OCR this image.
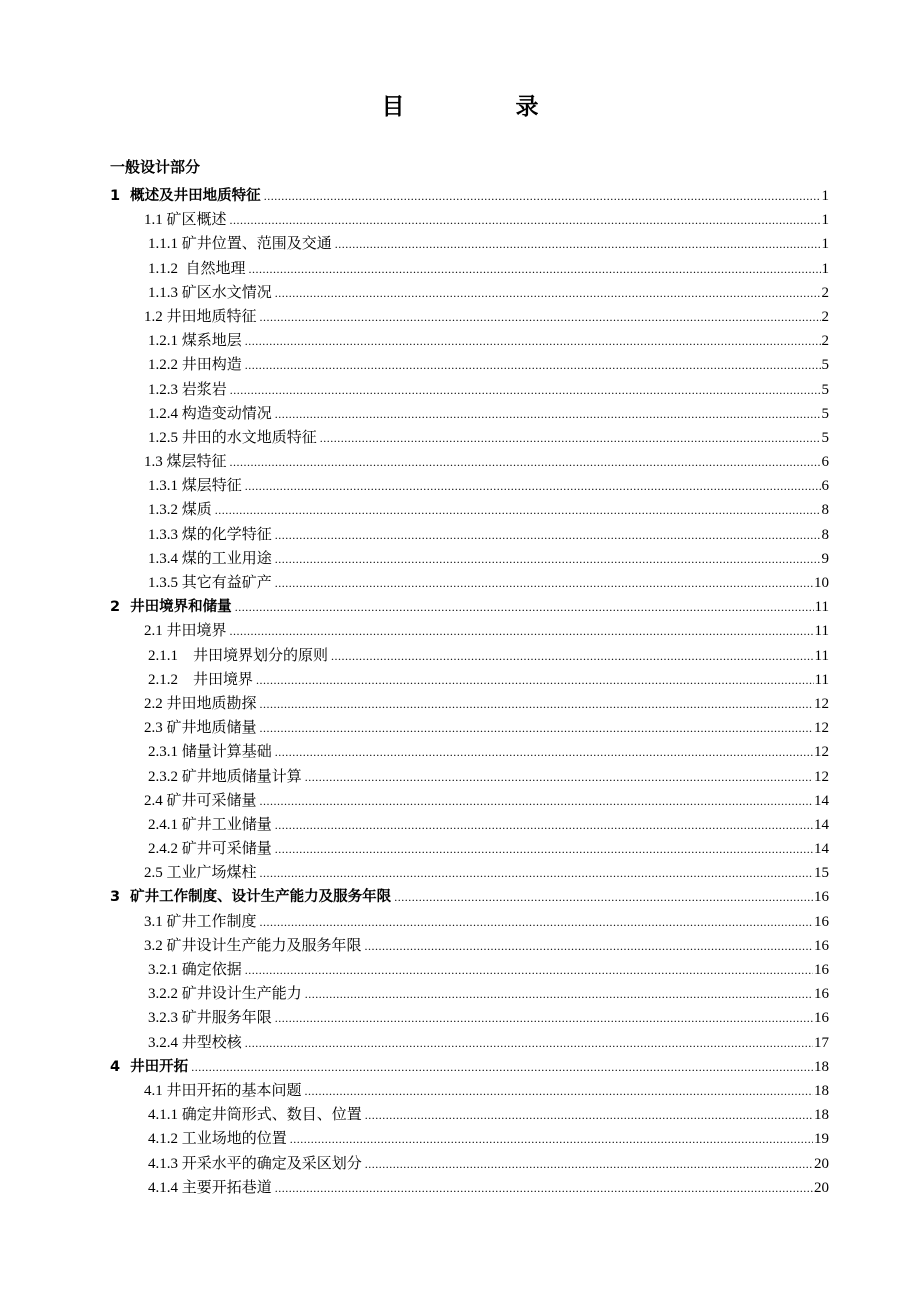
目　录
一般设计部分
1  概述及井田地质特征 .....	1
1.1 矿区概述 .....	1
1.1.1 矿井位置、范围及交通 .....	1
1.1.2  自然地理 .....	1
1.1.3 矿区水文情况 .....	2
1.2 井田地质特征 .....	2
1.2.1 煤系地层 .....	2
1.2.2 井田构造 .....	5
1.2.3 岩浆岩 .....	5
1.2.4 构造变动情况 .....	5
1.2.5 井田的水文地质特征 .....	5
1.3 煤层特征 .....	6
1.3.1 煤层特征 .....	6
1.3.2 煤质 .....	8
1.3.3 煤的化学特征 .....	8
1.3.4 煤的工业用途 .....	9
1.3.5 其它有益矿产 .....	10
2  井田境界和储量 .....	11
2.1 井田境界 .....	11
2.1.1    井田境界划分的原则 .....	11
2.1.2    井田境界 .....	11
2.2 井田地质勘探 .....	12
2.3 矿井地质储量 .....	12
2.3.1 储量计算基础 .....	12
2.3.2 矿井地质储量计算 .....	12
2.4 矿井可采储量 .....	14
2.4.1 矿井工业储量 .....	14
2.4.2 矿井可采储量 .....	14
2.5 工业广场煤柱 .....	15
3  矿井工作制度、设计生产能力及服务年限 .....	16
3.1 矿井工作制度 .....	16
3.2 矿井设计生产能力及服务年限 .....	16
3.2.1 确定依据 .....	16
3.2.2 矿井设计生产能力 .....	16
3.2.3 矿井服务年限 .....	16
3.2.4 井型校核 .....	17
4  井田开拓 .....	18
4.1 井田开拓的基本问题 .....	18
4.1.1 确定井筒形式、数目、位置 .....	18
4.1.2 工业场地的位置 .....	19
4.1.3 开采水平的确定及采区划分 .....	20
4.1.4 主要开拓巷道 .....	20
